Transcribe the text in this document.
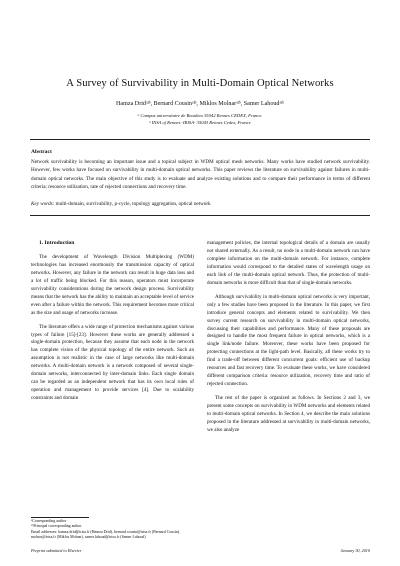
A Survey of Survivability in Multi-Domain Optical Networks
Hamza Dridᵃʲᵇ, Bernard Cousinᵃʲᵇ, Miklos Molnarᵃʲᵇ, Samer Lahoudᵃʲᵇ
ᵃ Campus universitaire de Beaulieu 35042 Rennes CEDEX, France.
ᵇ INSA of Rennes -IRISA- 35043 Rennes Cedex, France
Abstract

Network survivability is becoming an important issue and a topical subject in WDM optical mesh networks. Many works have studied network survivability. However, few works have focused on survivability in multi-domain optical networks. This paper reviews the literature on survivability against failures in multi-domain optical networks. The main objective of this study is to evaluate and analyze existing solutions and to compare their performance in terms of different criteria: resource utilization, rate of rejected connections and recovery time.

Key words: multi-domain, survivability, p-cycle, topology aggregation, optical network

1. Introduction

The development of Wavelength Division Multiplexing (WDM) technologies has increased enormously the transmission capacity of optical networks. However, any failure in the network can result in huge data loss and a lot of traffic being blocked. For this reason, operators must incorporate survivability considerations during the network design process. Survivability means that the network has the ability to maintain an acceptable level of service even after a failure within the network. This requirement becomes more critical as the size and usage of networks increase.

The literature offers a wide range of protection mechanisms against various types of failure [15]-[23]. However these works are generally addressed a single-domain protection, because they assume that each node in the network has complete vision of the physical topology of the entire network. Such an assumption is not realistic in the case of large networks like multi-domain networks. A multi-domain network is a network composed of several single-domain networks, interconnected by inter-domain links. Each single domain can be regarded as an independent network that has its own local rules of operation and management to provide services [4]. Due to scalability constraints and domain

management policies, the internal topological details of a domain are usually not shared externally. As a result, no node in a multi-domain network can have complete information on the multi-domain network. For instance, complete information would correspond to the detailed states of wavelength usage on each link of the multi-domain optical network. Thus, the protection of multi-domain networks is more difficult than that of single-domain networks.

Although survivability in multi-domain optical networks is very important, only a few studies have been proposed in the literature. In this paper, we first introduce general concepts and elements related to survivability. We then survey current research on survivability in multi-domain optical networks, discussing their capabilities and performance. Many of these proposals are designed to handle the most frequent failure in optical networks, which is a single link/node failure. Moreover, these works have been proposed for protecting connections at the light-path level. Basically, all these works try to find a trade-off between different concurrent goals: efficient use of backup resources and fast recovery time. To evaluate these works, we have considered different comparison criteria: resource utilization, recovery time and ratio of rejected connection.

The rest of the paper is organized as follows. In Sections 2 and 3, we present some concepts on survivability in WDM networks and elements related to multi-domain optical networks. In Section 4, we describe the main solutions proposed in the literature addressed at survivability in multi-domain networks, we also analyze

¹Corresponding author
²²Principal corresponding author
Email addresses: hamza.drid@irisa.fr (Hamza Drid), bernard.cousin@irisa.fr (Bernard Cousin), molnar@irisa.fr (Miklos Molnar), samer.lahoud@irisa.fr (Samer Lahoud)
Preprint submitted to Elsevier	January 30, 2010
